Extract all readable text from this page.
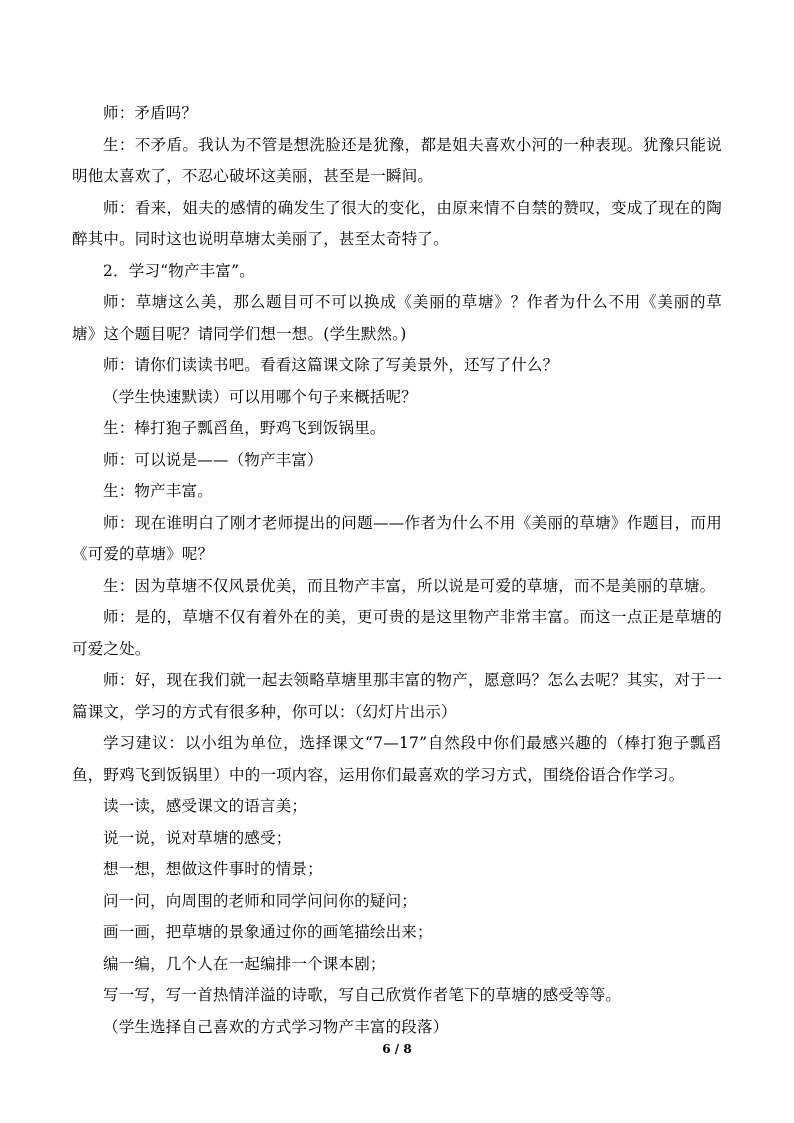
师：矛盾吗？

生：不矛盾。我认为不管是想洗脸还是犹豫，都是姐夫喜欢小河的一种表现。犹豫只能说明他太喜欢了，不忍心破坏这美丽，甚至是一瞬间。

师：看来，姐夫的感情的确发生了很大的变化，由原来情不自禁的赞叹，变成了现在的陶醉其中。同时这也说明草塘太美丽了，甚至太奇特了。

2．学习“物产丰富”。

师：草塘这么美，那么题目可不可以换成《美丽的草塘》？作者为什么不用《美丽的草塘》这个题目呢？请同学们想一想。(学生默然。)

师：请你们读读书吧。看看这篇课文除了写美景外，还写了什么？

（学生快速默读）可以用哪个句子来概括呢？

生：棒打狍子瓢舀鱼，野鸡飞到饭锅里。

师：可以说是——（物产丰富）

生：物产丰富。

师：现在谁明白了刚才老师提出的问题——作者为什么不用《美丽的草塘》作题目，而用《可爱的草塘》呢？

生：因为草塘不仅风景优美，而且物产丰富，所以说是可爱的草塘，而不是美丽的草塘。

师：是的，草塘不仅有着外在的美，更可贵的是这里物产非常丰富。而这一点正是草塘的可爱之处。

师：好，现在我们就一起去领略草塘里那丰富的物产，愿意吗？怎么去呢？其实，对于一篇课文，学习的方式有很多种，你可以：（幻灯片出示）

学习建议：以小组为单位，选择课文“7—17”自然段中你们最感兴趣的（棒打狍子瓢舀鱼，野鸡飞到饭锅里）中的一项内容，运用你们最喜欢的学习方式，围绕俗语合作学习。

读一读，感受课文的语言美；

说一说，说对草塘的感受；

想一想，想做这件事时的情景；

问一问，向周围的老师和同学问问你的疑问；

画一画，把草塘的景象通过你的画笔描绘出来；

编一编，几个人在一起编排一个课本剧；

写一写，写一首热情洋溢的诗歌，写自己欣赏作者笔下的草塘的感受等等。

（学生选择自己喜欢的方式学习物产丰富的段落）

6 / 8
